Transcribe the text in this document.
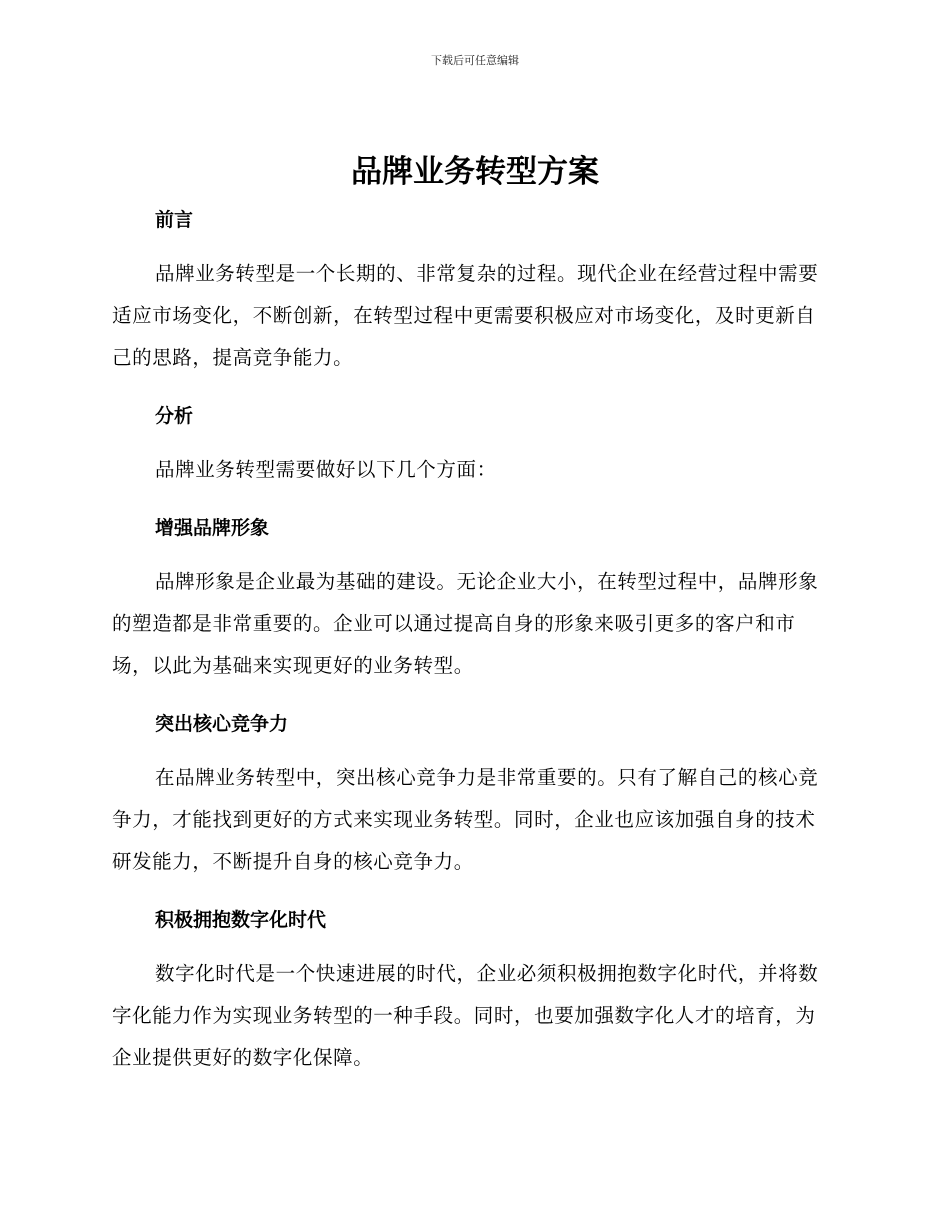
下载后可任意编辑
品牌业务转型方案
前言

品牌业务转型是一个长期的、非常复杂的过程。现代企业在经营过程中需要适应市场变化，不断创新，在转型过程中更需要积极应对市场变化，及时更新自己的思路，提高竞争能力。

分析

品牌业务转型需要做好以下几个方面：

增强品牌形象

品牌形象是企业最为基础的建设。无论企业大小，在转型过程中，品牌形象的塑造都是非常重要的。企业可以通过提高自身的形象来吸引更多的客户和市场，以此为基础来实现更好的业务转型。

突出核心竞争力

在品牌业务转型中，突出核心竞争力是非常重要的。只有了解自己的核心竞争力，才能找到更好的方式来实现业务转型。同时，企业也应该加强自身的技术研发能力，不断提升自身的核心竞争力。

积极拥抱数字化时代

数字化时代是一个快速进展的时代，企业必须积极拥抱数字化时代，并将数字化能力作为实现业务转型的一种手段。同时，也要加强数字化人才的培育，为企业提供更好的数字化保障。
